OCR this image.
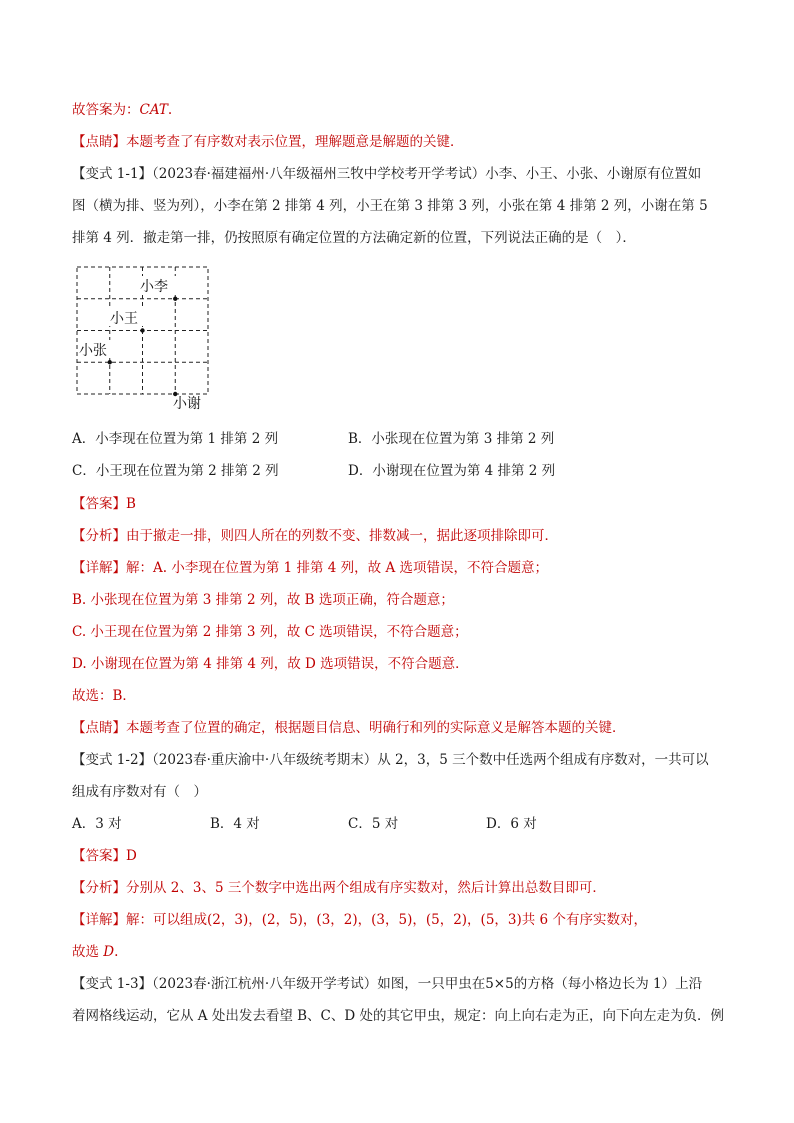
故答案为：CAT.
【点睛】本题考查了有序数对表示位置，理解题意是解题的关键．
【变式 1-1】（2023春·福建福州·八年级福州三牧中学校考开学考试）小李、小王、小张、小谢原有位置如
图（横为排、竖为列），小李在第 2 排第 4 列，小王在第 3 排第 3 列，小张在第 4 排第 2 列，小谢在第 5
排第 4 列．撤走第一排，仍按照原有确定位置的方法确定新的位置，下列说法正确的是（　）．
小李
小王
小张
小谢
A．小李现在位置为第 1 排第 2 列	B．小张现在位置为第 3 排第 2 列
C．小王现在位置为第 2 排第 2 列	D．小谢现在位置为第 4 排第 2 列
【答案】B
【分析】由于撤走一排，则四人所在的列数不变、排数减一，据此逐项排除即可．
【详解】解：A. 小李现在位置为第 1 排第 4 列，故 A 选项错误，不符合题意；
B. 小张现在位置为第 3 排第 2 列，故 B 选项正确，符合题意；
C. 小王现在位置为第 2 排第 3 列，故 C 选项错误，不符合题意；
D. 小谢现在位置为第 4 排第 4 列，故 D 选项错误，不符合题意．
故选：B．
【点睛】本题考查了位置的确定，根据题目信息、明确行和列的实际意义是解答本题的关键．
【变式 1-2】（2023春·重庆渝中·八年级统考期末）从 2，3，5 三个数中任选两个组成有序数对，一共可以
组成有序数对有（　）
A．3 对	B．4 对	C．5 对	D．6 对
【答案】D
【分析】分别从 2、3、5 三个数字中选出两个组成有序实数对，然后计算出总数目即可．
【详解】解：可以组成(2，3)，(2，5)，(3，2)，(3，5)，(5，2)，(5，3)共 6 个有序实数对，
故选 D.
【变式 1-3】（2023春·浙江杭州·八年级开学考试）如图，一只甲虫在5×5的方格（每小格边长为 1）上沿
着网格线运动，它从 A 处出发去看望 B、C、D 处的其它甲虫，规定：向上向右走为正，向下向左走为负．例
